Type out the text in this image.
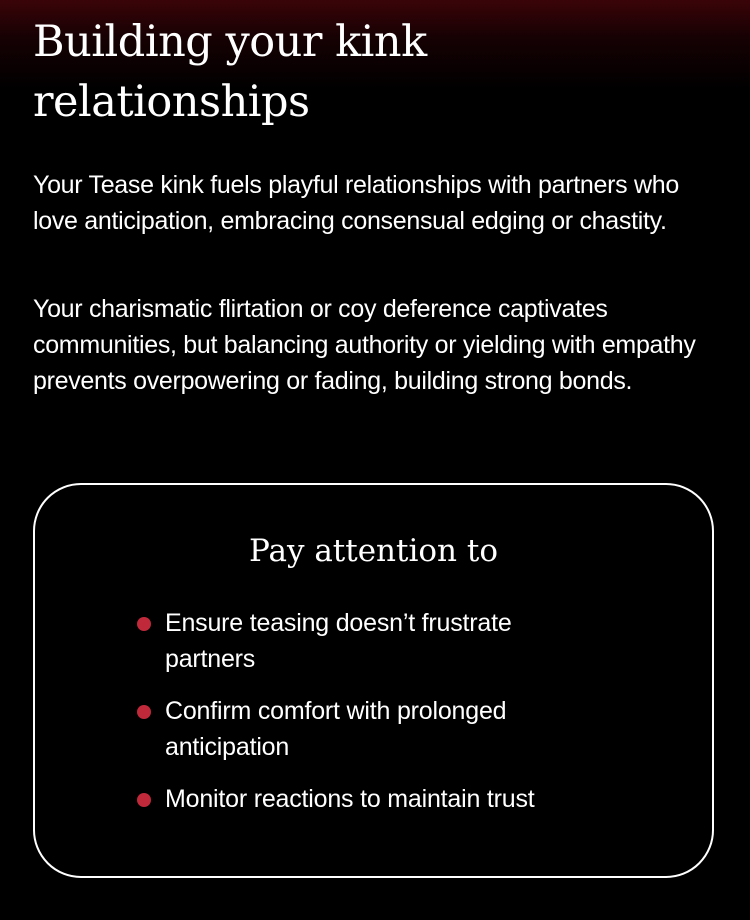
Building your kink relationships

Your Tease kink fuels playful relationships with partners who love anticipation, embracing consensual edging or chastity.

Your charismatic flirtation or coy deference captivates communities, but balancing authority or yielding with empathy prevents overpowering or fading, building strong bonds.

Pay attention to
Ensure teasing doesn’t frustrate partners
Confirm comfort with prolonged anticipation
Monitor reactions to maintain trust
